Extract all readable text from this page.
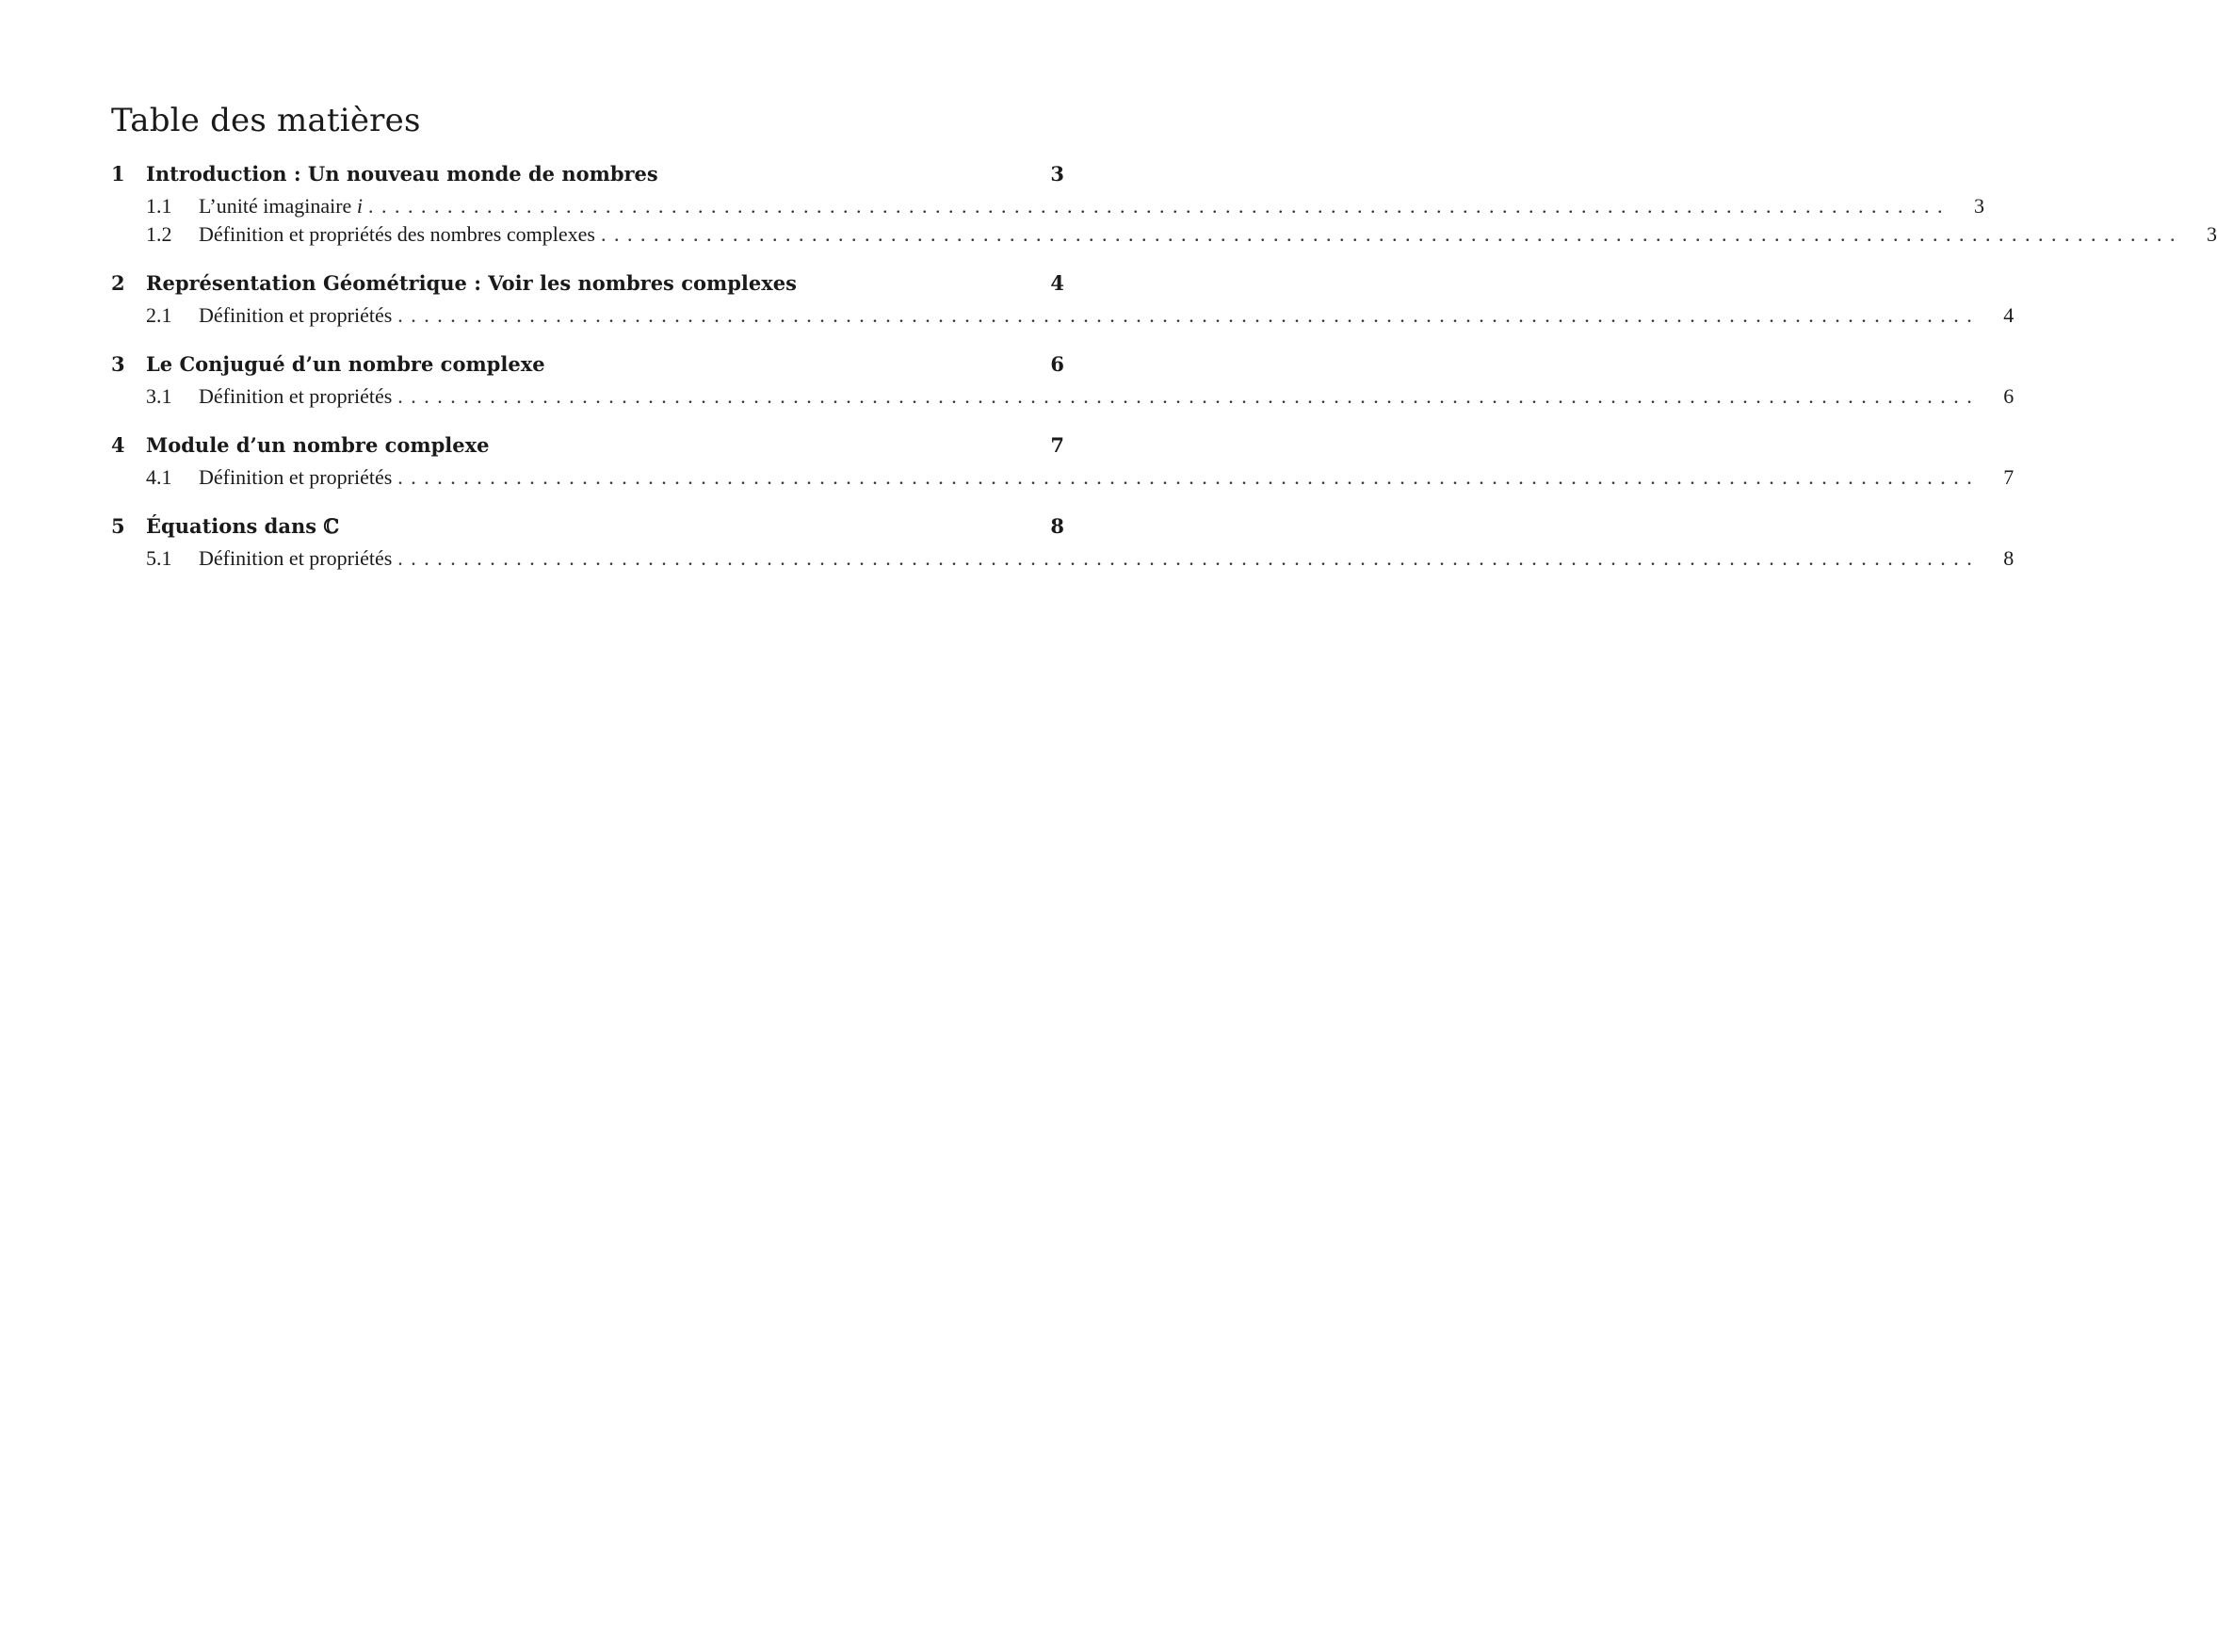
Table des matières
1	Introduction : Un nouveau monde de nombres	3
1.1	L’unité imaginaire i ........................................................................................................................	3
1.2	Définition et propriétés des nombres complexes ........................................................................................................................	3
2	Représentation Géométrique : Voir les nombres complexes	4
2.1	Définition et propriétés ........................................................................................................................	4
3	Le Conjugué d’un nombre complexe	6
3.1	Définition et propriétés ........................................................................................................................	6
4	Module d’un nombre complexe	7
4.1	Définition et propriétés ........................................................................................................................	7
5	Équations dans ℂ	8
5.1	Définition et propriétés ........................................................................................................................	8
